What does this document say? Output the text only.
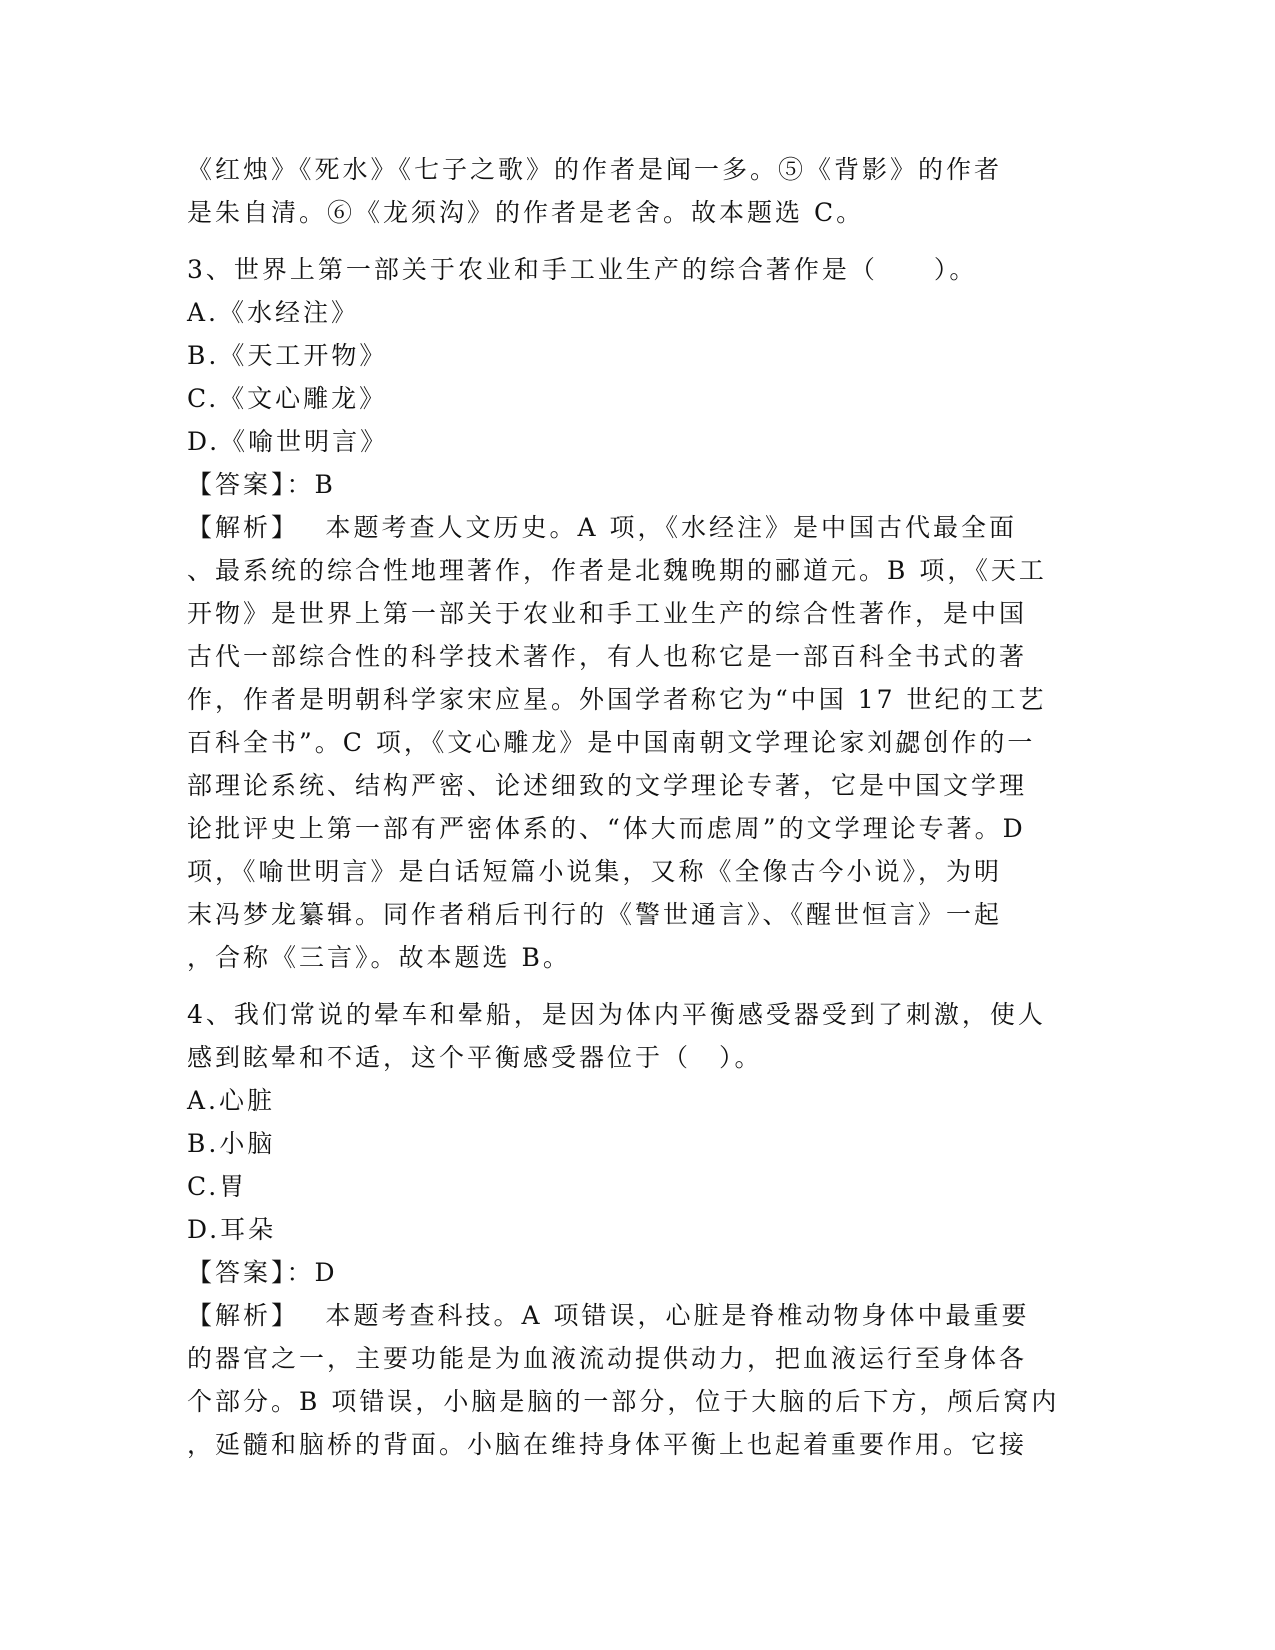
《红烛》《死水》《七子之歌》的作者是闻一多。⑤《背影》的作者
是朱自清。⑥《龙须沟》的作者是老舍。故本题选 C。
3、世界上第一部关于农业和手工业生产的综合著作是（　　）。
A.《水经注》
B.《天工开物》
C.《文心雕龙》
D.《喻世明言》
【答案】：B
【解析】　 本题考查人文历史。A 项，《水经注》是中国古代最全面
、最系统的综合性地理著作，作者是北魏晚期的郦道元。B 项，《天工
开物》是世界上第一部关于农业和手工业生产的综合性著作，是中国
古代一部综合性的科学技术著作，有人也称它是一部百科全书式的著
作，作者是明朝科学家宋应星。外国学者称它为“中国 17 世纪的工艺
百科全书”。C 项，《文心雕龙》是中国南朝文学理论家刘勰创作的一
部理论系统、结构严密、论述细致的文学理论专著，它是中国文学理
论批评史上第一部有严密体系的、“体大而虑周”的文学理论专著。D
项，《喻世明言》是白话短篇小说集，又称《全像古今小说》，为明
末冯梦龙纂辑。同作者稍后刊行的《警世通言》、《醒世恒言》一起
，合称《三言》。故本题选 B。
4、我们常说的晕车和晕船，是因为体内平衡感受器受到了刺激，使人
感到眩晕和不适，这个平衡感受器位于（　）。
A.心脏
B.小脑
C.胃
D.耳朵
【答案】：D
【解析】　 本题考查科技。A 项错误，心脏是脊椎动物身体中最重要
的器官之一，主要功能是为血液流动提供动力，把血液运行至身体各
个部分。B 项错误，小脑是脑的一部分，位于大脑的后下方，颅后窝内
，延髓和脑桥的背面。小脑在维持身体平衡上也起着重要作用。它接
